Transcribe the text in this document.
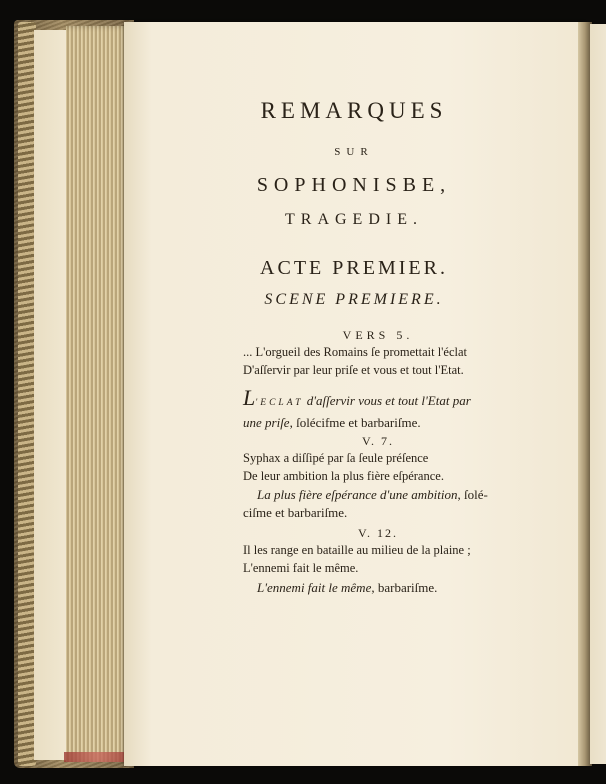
REMARQUES
SUR
SOPHONISBE,
TRAGEDIE.
ACTE PREMIER.
SCENE PREMIERE.
VERS 5.
... L'orgueil des Romains ſe promettait l'éclat
D'aſſervir par leur priſe et vous et tout l'Etat.
L'ECLAT d'aſſervir vous et tout l'Etat par
une priſe, ſolécifme et barbariſme.
V. 7.
Syphax a diſſipé par ſa ſeule préſence
De leur ambition la plus fière eſpérance.
La plus fière eſpérance d'une ambition, ſolé-
ciſme et barbariſme.
V. 12.
Il les range en bataille au milieu de la plaine ;
L'ennemi fait le même.
L'ennemi fait le même, barbariſme.
